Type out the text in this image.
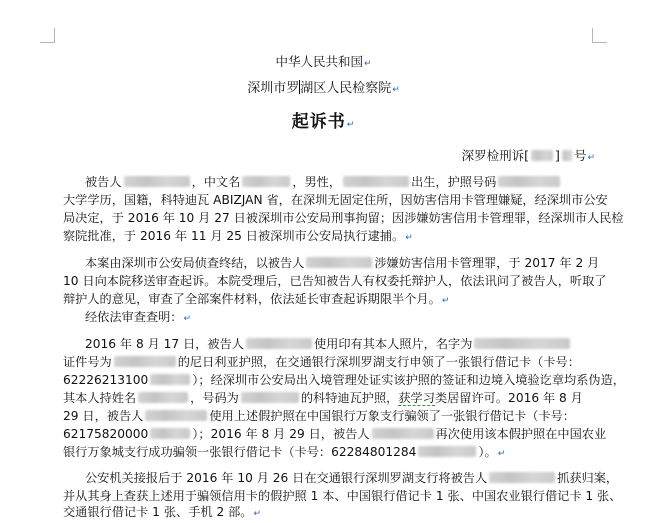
中华人民共和国↵
深圳市罗湖区人民检察院↵
起诉书↵
深罗检刑诉[ ] 号↵
被告人	，中文名	，男性，	出生，护照号码
大学学历，国籍，科特迪瓦 ABIZJAN 省，在深圳无固定住所，因妨害信用卡管理嫌疑，经深圳市公安
局决定，于 2016 年 10 月 27 日被深圳市公安局刑事拘留；因涉嫌妨害信用卡管理罪，经深圳市人民检
察院批准，于 2016 年 11 月 25 日被深圳市公安局执行逮捕。↵
本案由深圳市公安局侦查终结，以被告人	涉嫌妨害信用卡管理罪，于 2017 年 2 月
10 日向本院移送审查起诉。本院受理后，已告知被告人有权委托辩护人，依法讯问了被告人，听取了
辩护人的意见，审查了全部案件材料，依法延长审查起诉期限半个月。↵
经依法审查查明：↵
2016 年 8 月 17 日，被告人	使用印有其本人照片，名字为
证件号为	的尼日利亚护照，在交通银行深圳罗湖支行申领了一张银行借记卡（卡号：
62226213100	）；经深圳市公安局出入境管理处证实该护照的签证和边境入境验讫章均系伪造，
其本人持姓名	，号码为	的科特迪瓦护照，获学习类居留许可。2016 年 8 月
29 日，被告人	使用上述假护照在中国银行万象支行骗领了一张银行借记卡（卡号：
62175820000	）；2016 年 8 月 29 日，被告人	再次使用该本假护照在中国农业
银行万象城支行成功骗领一张银行借记卡（卡号：62284801284	）。↵
公安机关接报后于 2016 年 10 月 26 日在交通银行深圳罗湖支行将被告人	抓获归案，
并从其身上查获上述用于骗领信用卡的假护照 1 本、中国银行借记卡 1 张、中国农业银行借记卡 1 张、
交通银行借记卡 1 张、手机 2 部。↵
